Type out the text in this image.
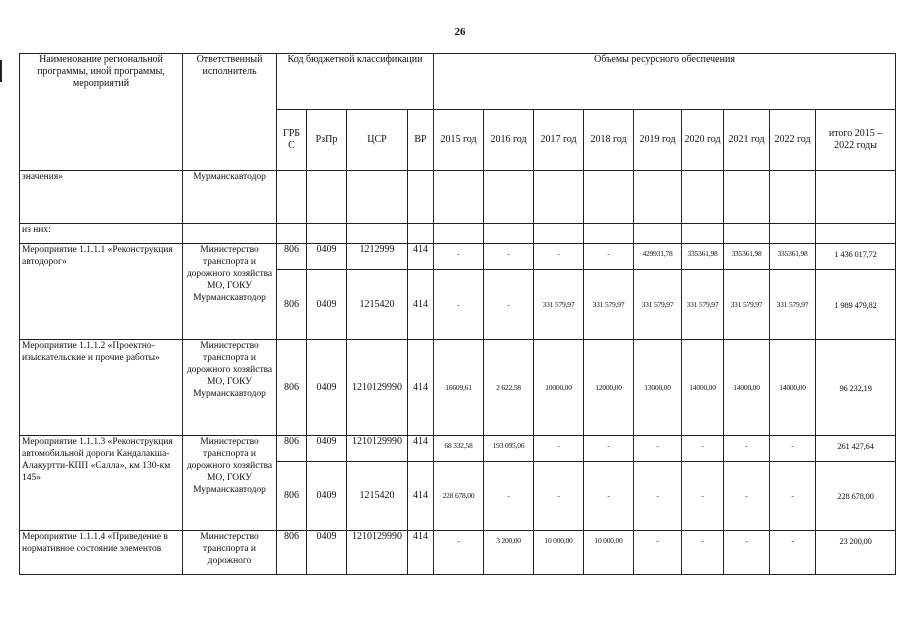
26
Наименование региональной программы, иной программы, мероприятий	Ответственный исполнитель	Код бюджетной классификации				Объемы ресурсного обеспечения								
		ГРБ С	РзПр	ЦСР	ВР	2015 год	2016 год	2017 год	2018 год	2019 год	2020 год	2021 год	2022 год	итого 2015 – 2022 годы
значения»	Мурманскавтодор													
из них:														
Мероприятие 1.1.1.1 «Реконструкция автодорог»	Министерство транспорта и дорожного хозяйства МО, ГОКУ Мурманскавтодор	806	0409	1212999	414	-	-	-	-	429931,78	335361,98	335361,98	335361,98	1 436 017,72
		806	0409	1215420	414	-	-	331 579,97	331 579,97	331 579,97	331 579,97	331 579,97	331 579,97	1 989 479,82
Мероприятие 1.1.1.2 «Проектно-изыскательские и прочие работы»	Министерство транспорта и дорожного хозяйства МО, ГОКУ Мурманскавтодор	806	0409	1210129990	414	16609,61	2 622,58	10000,00	12000,00	13000,00	14000,00	14000,00	14000,00	96 232,19
Мероприятие 1.1.1.3 «Реконструкция автомобильной дороги Кандалакша-Алакуртти-КПП «Салла», км 130-км 145»	Министерство транспорта и дорожного хозяйства МО, ГОКУ Мурманскавтодор	806	0409	1210129990	414	68 332,58	193 095,06	-	-	-	-	-	-	261 427,64
		806	0409	1215420	414	228 678,00	-	-	-	-	-	-	-	228 678,00
Мероприятие 1.1.1.4 «Приведение в нормативное состояние элементов	Министерство транспорта и дорожного	806	0409	1210129990	414	-	3 200,00	10 000,00	10 000,00	-	-	-	-	23 200,00
